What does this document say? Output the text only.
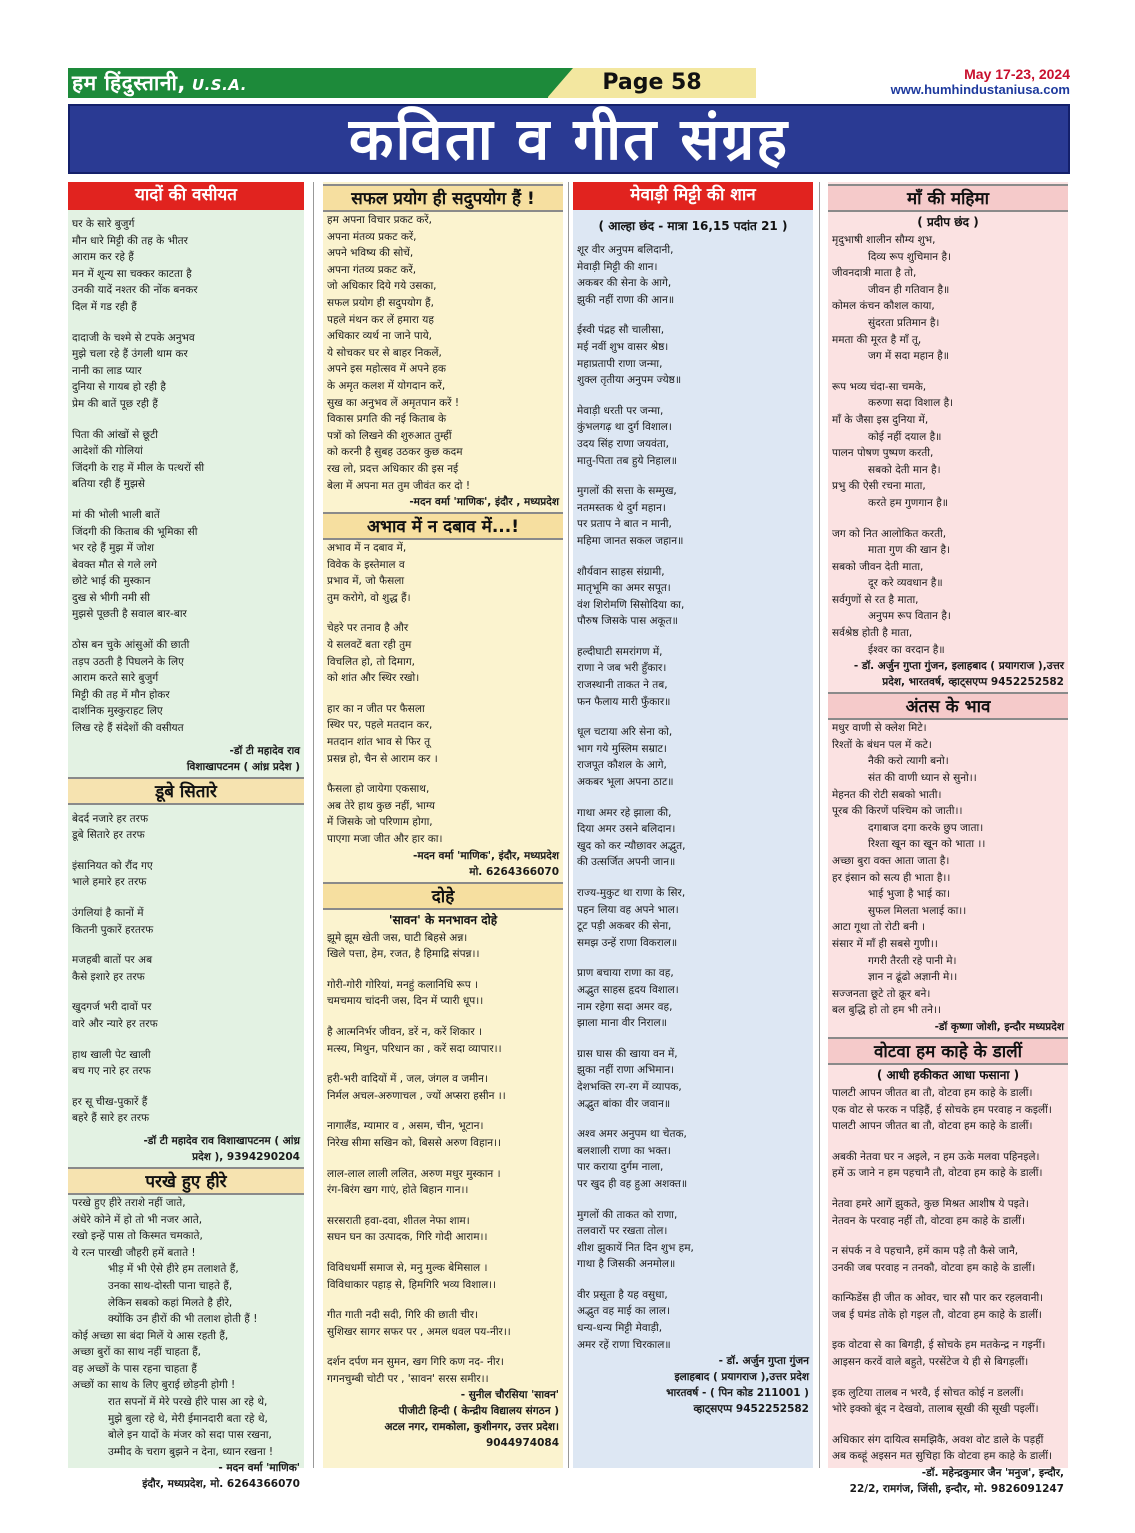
हम हिंदुस्तानी, U.S.A.	Page 58	May 17-23, 2024
www.humhindustaniusa.com
कविता व गीत संग्रह
यादों की वसीयत
घर के सारे बुजुर्ग
मौन धारे मिट्टी की तह के भीतर
आराम कर रहे हैं
मन में शून्य सा चक्कर काटता है
उनकी यादें नश्तर की नोंक बनकर
दिल में गड रही हैं
दादाजी के चश्मे से टपके अनुभव
मुझे चला रहे हैं उंगली थाम कर
नानी का लाड प्यार
दुनिया से गायब हो रही है
प्रेम की बातें पूछ रही हैं
पिता की आंखों से छूटी
आदेशों की गोलियां
जिंदगी के राह में मील के पत्थरों सी
बतिया रही हैं मुझसे
मां की भोली भाली बातें
जिंदगी की किताब की भूमिका सी
भर रहे हैं मुझ में जोश
बेवक्त मौत से गले लगे
छोटे भाई की मुस्कान
दुख से भीगी नमी सी
मुझसे पूछती है सवाल बार-बार
ठोस बन चुके आंसुओं की छाती
तड़प उठती है पिघलने के लिए
आराम करते सारे बुजुर्ग
मिट्टी की तह में मौन होकर
दार्शनिक मुस्कुराहट लिए
लिख रहे हैं संदेशों की वसीयत
-डॉ टी महादेव राव
विशाखापटनम ( आंध्र प्रदेश )
डूबे सितारे
बेदर्द नजारे हर तरफ
डूबे सितारे हर तरफ
इंसानियत को रौंद गए
भाले हमारे हर तरफ
उंगलियां है कानों में
कितनी पुकारें हरतरफ
मजहबी बातों पर अब
कैसे इशारे हर तरफ
खुदगर्ज भरी दावों पर
वारे और न्यारे हर तरफ
हाथ खाली पेट खाली
बच गए नारे हर तरफ
हर सू चीख-पुकारें हैं
बहरे हैं सारे हर तरफ
-डॉ टी महादेव राव विशाखापटनम ( आंध्र
प्रदेश ), 9394290204
परखे हुए हीरे
परखे हुए हीरे तराशे नहीं जाते,
अंधेरे कोने में हो तो भी नजर आते,
रखो इन्हें पास तो किस्मत चमकाते,
ये रत्न पारखी जौहरी हमें बताते !
भीड़ में भी ऐसे हीरे हम तलाशते हैं,
उनका साथ-दोस्ती पाना चाहते हैं,
लेकिन सबको कहां मिलते है हीरे,
क्योंकि उन हीरों की भी तलाश होती हैं !
कोई अच्छा सा बंदा मिलें ये आस रहती हैं,
अच्छा बुरों का साथ नहीं चाहता हैं,
वह अच्छों के पास रहना चाहता हैं
अच्छों का साथ के लिए बुराई छोड़नी होगी !
रात सपनों में मेरे परखे हीरे पास आ रहे थे,
मुझे बुला रहे थे, मेरी ईमानदारी बता रहे थे,
बोले इन यादों के मंजर को सदा पास रखना,
उम्मीद के चराग बुझने न देना, ध्यान रखना !
- मदन वर्मा 'माणिक'
इंदौर, मध्यप्रदेश, मो. 6264366070
सफल प्रयोग ही सदुपयोग हैं !
हम अपना विचार प्रकट करें,
अपना मंतव्य प्रकट करें,
अपने भविष्य की सोचें,
अपना गंतव्य प्रकट करें,
जो अधिकार दिये गये उसका,
सफल प्रयोग ही सदुपयोग हैं,
पहले मंथन कर लें हमारा यह
अधिकार व्यर्थ ना जाने पाये,
ये सोचकर घर से बाहर निकलें,
अपने इस महोत्सव में अपने हक
के अमृत कलश में योगदान करें,
सुख का अनुभव लें अमृतपान करें !
विकास प्रगति की नई किताब के
पत्रों को लिखने की शुरुआत तुम्हीं
को करनी है सुबह उठकर कुछ कदम
रख लो, प्रदत्त अधिकार की इस नई
बेला में अपना मत तुम जीवंत कर दो !
-मदन वर्मा 'माणिक', इंदौर , मध्यप्रदेश
अभाव में न दबाव में...!
अभाव में न दबाव में,
विवेक के इस्तेमाल व
प्रभाव में, जो फैसला
तुम करोगे, वो शुद्ध हैं।
चेहरे पर तनाव है और
ये सलवटें बता रही तुम
विचलित हो, तो दिमाग,
को शांत और स्थिर रखो।
हार का न जीत पर फैसला
स्थिर पर, पहले मतदान कर,
मतदान शांत भाव से फिर तू
प्रसन्न हो, चैन से आराम कर ।
फैसला हो जायेगा एकसाथ,
अब तेरे हाथ कुछ नहीं, भाग्य
में जिसके जो परिणाम होगा,
पाएगा मजा जीत और हार का।
-मदन वर्मा 'माणिक', इंदौर, मध्यप्रदेश
मो. 6264366070
दोहे
'सावन' के मनभावन दोहे
झूमे झूम खेती जस, घाटी बिहसे अन्न।
खिले पत्ता, हेम, रजत, है हिमाद्रि संपन्न।।
गोरी-गोरी गोरियां, मनहुं कलानिधि रूप ।
चमचमाय चांदनी जस, दिन में प्यारी धूप।।
है आत्मनिर्भर जीवन, डरें न, करें शिकार ।
मत्स्य, मिथुन, परिधान का , करें सदा व्यापार।।
हरी-भरी वादियों में , जल, जंगल व जमीन।
निर्मल अचल-अरुणाचल , ज्यों अप्सरा हसीन ।।
नागालैंड, म्यामार व , असम, चीन, भूटान।
निरेख सीमा सखिन को, बिससे अरुण विहान।।
लाल-लाल लाली ललित, अरुण मधुर मुस्कान ।
रंग-बिरंग खग गाएं, होते बिहान गान।।
सरसराती हवा-दवा, शीतल नेफा शाम।
सघन घन का उत्पादक, गिरि गोदी आराम।।
विविधधर्मी समाज से, मनु मुल्क बेमिसाल ।
विविधाकार पहाड़ से, हिमगिरि भव्य विशाल।।
गीत गाती नदी सदी, गिरि की छाती चीर।
सुशिखर सागर सफर पर , अमल धवल पय-नीर।।
दर्शन दर्पण मन सुमन, खग गिरि कण नद- नीर।
गगनचुम्बी चोटी पर , 'सावन' सरस समीर।।
- सुनील चौरसिया 'सावन'
पीजीटी हिन्दी ( केन्द्रीय विद्यालय संगठन )
अटल नगर, रामकोला, कुशीनगर, उत्तर प्रदेश।
9044974084
मेवाड़ी मिट्टी की शान
( आल्हा छंद - मात्रा 16,15 पदांत 21 )
शूर वीर अनुपम बलिदानी,
मेवाड़ी मिट्टी की शान।
अकबर की सेना के आगे,
झुकी नहीं राणा की आन॥
ईस्वी पंद्रह सौ चालीसा,
मई नवीं शुभ वासर श्रेष्ठ।
महाप्रतापी राणा जन्मा,
शुक्ल तृतीया अनुपम ज्येष्ठ॥
मेवाड़ी धरती पर जन्मा,
कुंभलगढ़ था दुर्ग विशाल।
उदय सिंह राणा जयवंता,
मातु-पिता तब हुये निहाल॥
मुगलों की सत्ता के सम्मुख,
नतमस्तक थे दुर्ग महान।
पर प्रताप ने बात न मानी,
महिमा जानत सकल जहान॥
शौर्यवान साहस संग्रामी,
मातृभूमि का अमर सपूत।
वंश शिरोमणि सिसोदिया का,
पौरुष जिसके पास अकूत॥
हल्दीघाटी समरांगण में,
राणा ने जब भरी हुँकार।
राजस्थानी ताकत ने तब,
फन फैलाय मारी फुँकार॥
धूल चटाया अरि सेना को,
भाग गये मुस्लिम सम्राट।
राजपूत कौशल के आगे,
अकबर भूला अपना ठाट॥
गाथा अमर रहे झाला की,
दिया अमर उसने बलिदान।
खुद को कर न्यौछावर अद्भुत,
की उत्सर्जित अपनी जान॥
राज्य-मुकुट था राणा के सिर,
पहन लिया वह अपने भाल।
टूट पड़ी अकबर की सेना,
समझ उन्हें राणा विकराल॥
प्राण बचाया राणा का वह,
अद्भुत साहस हृदय विशाल।
नाम रहेगा सदा अमर वह,
झाला माना वीर निराल॥
ग्रास घास की खाया वन में,
झुका नहीं राणा अभिमान।
देशभक्ति रग-रग में व्यापक,
अद्भुत बांका वीर जवान॥
अश्व अमर अनुपम था चेतक,
बलशाली राणा का भक्त।
पार कराया दुर्गम नाला,
पर खुद ही वह हुआ अशक्त॥
मुगलों की ताकत को राणा,
तलवारों पर रखता तोल।
शीश झुकायें नित दिन शुभ हम,
गाथा है जिसकी अनमोल॥
वीर प्रसूता है यह वसुधा,
अद्भुत वह माई का लाल।
धन्य-धन्य मिट्टी मेवाड़ी,
अमर रहें राणा चिरकाल॥
- डॉ. अर्जुन गुप्ता गुंजन
इलाहबाद ( प्रयागराज ),उत्तर प्रदेश
भारतवर्ष - ( पिन कोड 211001 )
व्हाट्सएप्प 9452252582
माँ की महिमा
( प्रदीप छंद )
मृदुभाषी शालीन सौम्य शुभ,
दिव्य रूप शुचिमान है।
जीवनदात्री माता है तो,
जीवन ही गतिवान है॥
कोमल कंचन कौशल काया,
सुंदरता प्रतिमान है।
ममता की मूरत है माँ तू,
जग में सदा महान है॥
रूप भव्य चंदा-सा चमके,
करुणा सदा विशाल है।
माँ के जैसा इस दुनिया में,
कोई नहीं दयाल है॥
पालन पोषण पुष्पण करती,
सबको देती मान है।
प्रभु की ऐसी रचना माता,
करते हम गुणगान है॥
जग को नित आलोकित करती,
माता गुण की खान है।
सबको जीवन देती माता,
दूर करे व्यवधान है॥
सर्वगुणों से रत है माता,
अनुपम रूप वितान है।
सर्वश्रेष्ठ होती है माता,
ईश्वर का वरदान है॥
- डॉ. अर्जुन गुप्ता गुंजन, इलाहबाद ( प्रयागराज ),उत्तर
प्रदेश, भारतवर्ष, व्हाट्सएप्प 9452252582
अंतस के भाव
मधुर वाणी से क्लेश मिटे।
रिश्तों के बंधन पल में कटे।
नैकी करो त्यागी बनो।
संत की वाणी ध्यान से सुनो।।
मेहनत की रोटी सबको भाती।
पूरब की किरणें पश्चिम को जाती।।
दगाबाज दगा करके छुप जाता।
रिश्ता खून का खून को भाता ।।
अच्छा बुरा वक्त आता जाता है।
हर इंसान को सत्य ही भाता है।।
भाई भुजा है भाई का।
सुफल मिलता भलाई का।।
आटा गूथा तो रोटी बनी ।
संसार में माँ ही सबसे गुणी।।
गगरी तैरती रहे पानी मे।
ज्ञान न ढूंढो अज्ञानी मे।।
सज्जनता छूटे तो क्रूर बने।
बल बुद्धि हो तो हम भी तने।।
-डॉ कृष्णा जोशी, इन्दौर मध्यप्रदेश
वोटवा हम काहे के डालीं
( आधी हकीकत आधा फसाना )
पालटी आपन जीतत बा तौ, वोटवा हम काहे के डालीं।
एक वोट से फरक न पड़िहैं, ई सोचके हम परवाह न कइलीं।
पालटी आपन जीतत बा तौ, वोटवा हम काहे के डालीं।
अबकी नेतवा घर न अइले, न हम ऊके मलवा पहिनइले।
हमें ऊ जाने न हम पहचानै तौ, वोटवा हम काहे के डालीं।
नेतवा हमरे आगें झुकते, कुछ मिश्रत आशीष ये पइते।
नेतवन के परवाह नहीं तौ, वोटवा हम काहे के डालीं।
न संपर्क न वे पहचानै, हमें काम पड़ै तौ कैसे जानै,
उनकी जब परवाह न तनकौ, वोटवा हम काहे के डालीं।
कान्फिडेंस ही जीत क ओवर, चार सौ पार कर रहलवानी।
जब ई घमंड तोके हो गइल तौ, वोटवा हम काहे के डालीं।
इक वोटवा से का बिगड़ी, ई सोचके हम मतकेन्द्र न गइनीं।
आइसन करवें वाले बहुते, परसेंटेज ये ही से बिगड़लीं।
इक लुटिया तालब न भरवै, ई सोचत कोई न डललीं।
भोरे इक्को बूंद न देखवो, तालाब सूखी की सूखी पइलीं।
अधिकार संग दायित्व समझिकै, अवश वोट डाले के पड़हीं
अब कब्हूं अइसन मत सुचिहा कि वोटवा हम काहे के डालीं।
-डॉ. महेन्द्रकुमार जैन 'मनुज', इन्दौर,
22/2, रामगंज, जिंसी, इन्दौर, मो. 9826091247
